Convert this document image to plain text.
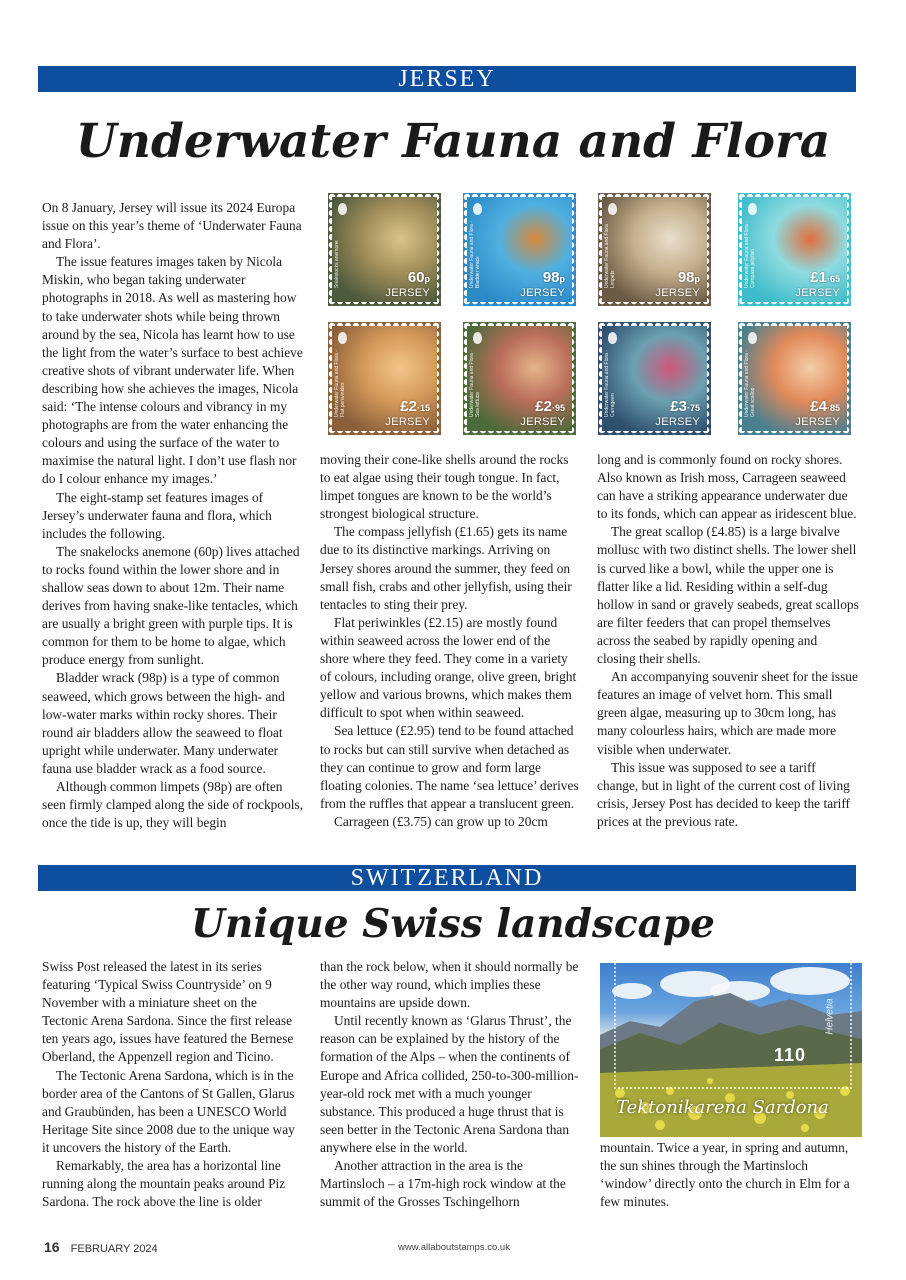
JERSEY
Underwater Fauna and Flora

On 8 January, Jersey will issue its 2024 Europa issue on this year’s theme of ‘Underwater Fauna and Flora’.

The issue features images taken by Nicola Miskin, who began taking underwater photographs in 2018. As well as mastering how to take underwater shots while being thrown around by the sea, Nicola has learnt how to use the light from the water’s surface to best achieve creative shots of vibrant underwater life. When describing how she achieves the images, Nicola said: ‘The intense colours and vibrancy in my photographs are from the water enhancing the colours and using the surface of the water to maximise the natural light. I don’t use flash nor do I colour enhance my images.’

The eight-stamp set features images of Jersey’s underwater fauna and flora, which includes the following.

The snakelocks anemone (60p) lives attached to rocks found within the lower shore and in shallow seas down to about 12m. Their name derives from having snake-like tentacles, which are usually a bright green with purple tips. It is common for them to be home to algae, which produce energy from sunlight.

Bladder wrack (98p) is a type of common seaweed, which grows between the high- and low-water marks within rocky shores. Their round air bladders allow the seaweed to float upright while underwater. Many underwater fauna use bladder wrack as a food source.

Although common limpets (98p) are often seen firmly clamped along the side of rockpools, once the tide is up, they will begin

moving their cone-like shells around the rocks to eat algae using their tough tongue. In fact, limpet tongues are known to be the world’s strongest biological structure.

The compass jellyfish (£1.65) gets its name due to its distinctive markings. Arriving on Jersey shores around the summer, they feed on small fish, crabs and other jellyfish, using their tentacles to sting their prey.

Flat periwinkles (£2.15) are mostly found within seaweed across the lower end of the shore where they feed. They come in a variety of colours, including orange, olive green, bright yellow and various browns, which makes them difficult to spot when within seaweed.

Sea lettuce (£2.95) tend to be found attached to rocks but can still survive when detached as they can continue to grow and form large floating colonies. The name ‘sea lettuce’ derives from the ruffles that appear a translucent green.

Carrageen (£3.75) can grow up to 20cm

long and is commonly found on rocky shores. Also known as Irish moss, Carrageen seaweed can have a striking appearance underwater due to its fonds, which can appear as iridescent blue.

The great scallop (£4.85) is a large bivalve mollusc with two distinct shells. The lower shell is curved like a bowl, while the upper one is flatter like a lid. Residing within a self-dug hollow in sand or gravely seabeds, great scallops are filter feeders that can propel themselves across the seabed by rapidly opening and closing their shells.

An accompanying souvenir sheet for the issue features an image of velvet horn. This small green algae, measuring up to 30cm long, has many colourless hairs, which are made more visible when underwater.

This issue was supposed to see a tariff change, but in light of the current cost of living crisis, Jersey Post has decided to keep the tariff prices at the previous rate.

Snakelocks anemone	60p
JERSEY
Underwater Fauna and Flora · Bladder wrack	98p
JERSEY
Underwater Fauna and Flora · Limpets	98p
JERSEY
Underwater Fauna and Flora · Compass jellyfish	£1·65
JERSEY
Underwater Fauna and Flora · Flat periwinkles	£2·15
JERSEY
Underwater Fauna and Flora · Sea lettuce	£2·95
JERSEY
Underwater Fauna and Flora · Carrageen	£3·75
JERSEY
Underwater Fauna and Flora · Great scallop	£4·85
JERSEY
SWITZERLAND
Unique Swiss landscape

Swiss Post released the latest in its series featuring ‘Typical Swiss Countryside’ on 9 November with a miniature sheet on the Tectonic Arena Sardona. Since the first release ten years ago, issues have featured the Bernese Oberland, the Appenzell region and Ticino.

The Tectonic Arena Sardona, which is in the border area of the Cantons of St Gallen, Glarus and Graubünden, has been a UNESCO World Heritage Site since 2008 due to the unique way it uncovers the history of the Earth.

Remarkably, the area has a horizontal line running along the mountain peaks around Piz Sardona. The rock above the line is older

than the rock below, when it should normally be the other way round, which implies these mountains are upside down.

Until recently known as ‘Glarus Thrust’, the reason can be explained by the history of the formation of the Alps – when the continents of Europe and Africa collided, 250-to-300-million-year-old rock met with a much younger substance. This produced a huge thrust that is seen better in the Tectonic Arena Sardona than anywhere else in the world.

Another attraction in the area is the Martinsloch – a 17m-high rock window at the summit of the Grosses Tschingelhorn

mountain. Twice a year, in spring and autumn, the sun shines through the Martinsloch ‘window’ directly onto the church in Elm for a few minutes.

Helvetia
110
Tektonikarena Sardona
16 FEBRUARY 2024	www.allaboutstamps.co.uk
